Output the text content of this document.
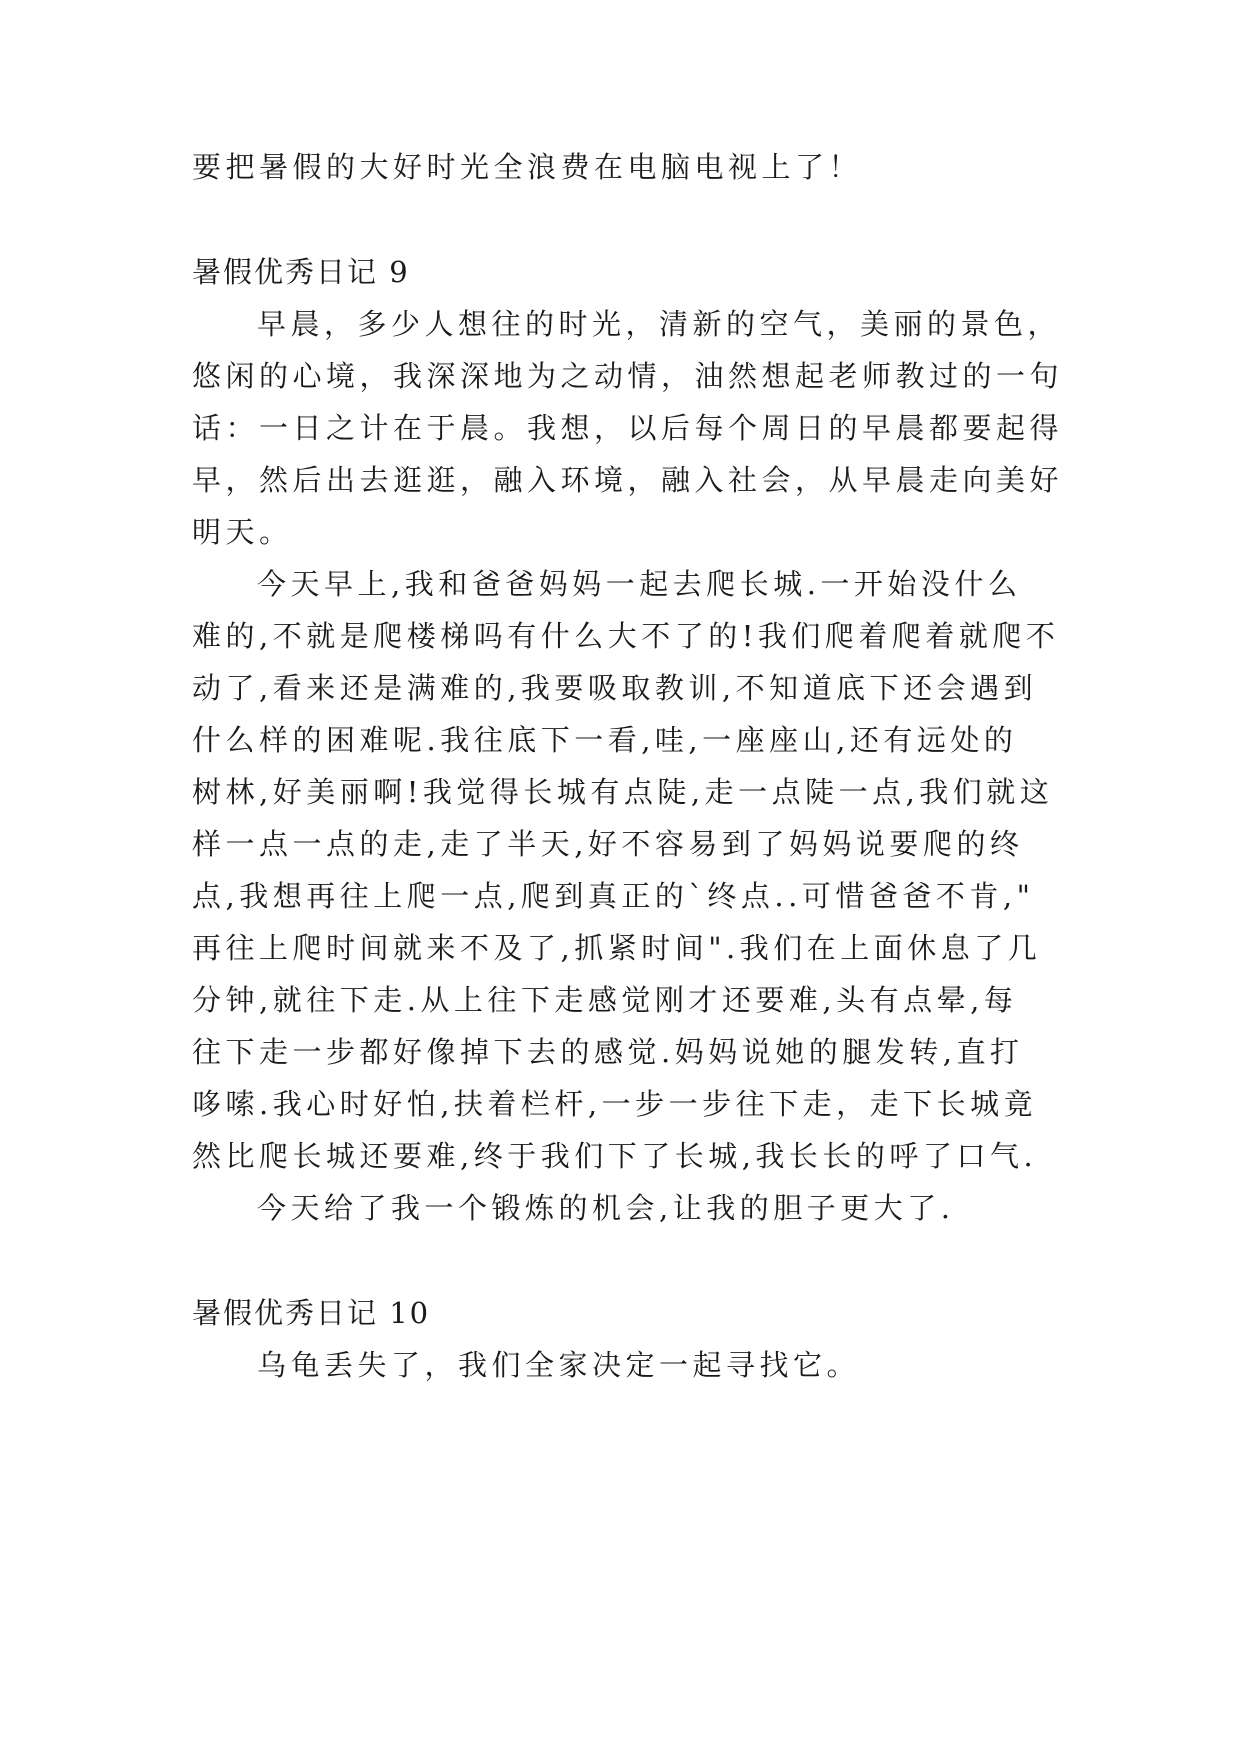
要把暑假的大好时光全浪费在电脑电视上了！
暑假优秀日记 9
早晨，多少人想往的时光，清新的空气，美丽的景色，
悠闲的心境，我深深地为之动情，油然想起老师教过的一句
话：一日之计在于晨。我想，以后每个周日的早晨都要起得
早，然后出去逛逛，融入环境，融入社会，从早晨走向美好
明天。
今天早上,我和爸爸妈妈一起去爬长城.一开始没什么
难的,不就是爬楼梯吗有什么大不了的!我们爬着爬着就爬不
动了,看来还是满难的,我要吸取教训,不知道底下还会遇到
什么样的困难呢.我往底下一看,哇,一座座山,还有远处的
树林,好美丽啊!我觉得长城有点陡,走一点陡一点,我们就这
样一点一点的走,走了半天,好不容易到了妈妈说要爬的终
点,我想再往上爬一点,爬到真正的`终点..可惜爸爸不肯,"
再往上爬时间就来不及了,抓紧时间".我们在上面休息了几
分钟,就往下走.从上往下走感觉刚才还要难,头有点晕,每
往下走一步都好像掉下去的感觉.妈妈说她的腿发转,直打
哆嗦.我心时好怕,扶着栏杆,一步一步往下走，走下长城竟
然比爬长城还要难,终于我们下了长城,我长长的呼了口气.
今天给了我一个锻炼的机会,让我的胆子更大了.
暑假优秀日记 10
乌龟丢失了，我们全家决定一起寻找它。
